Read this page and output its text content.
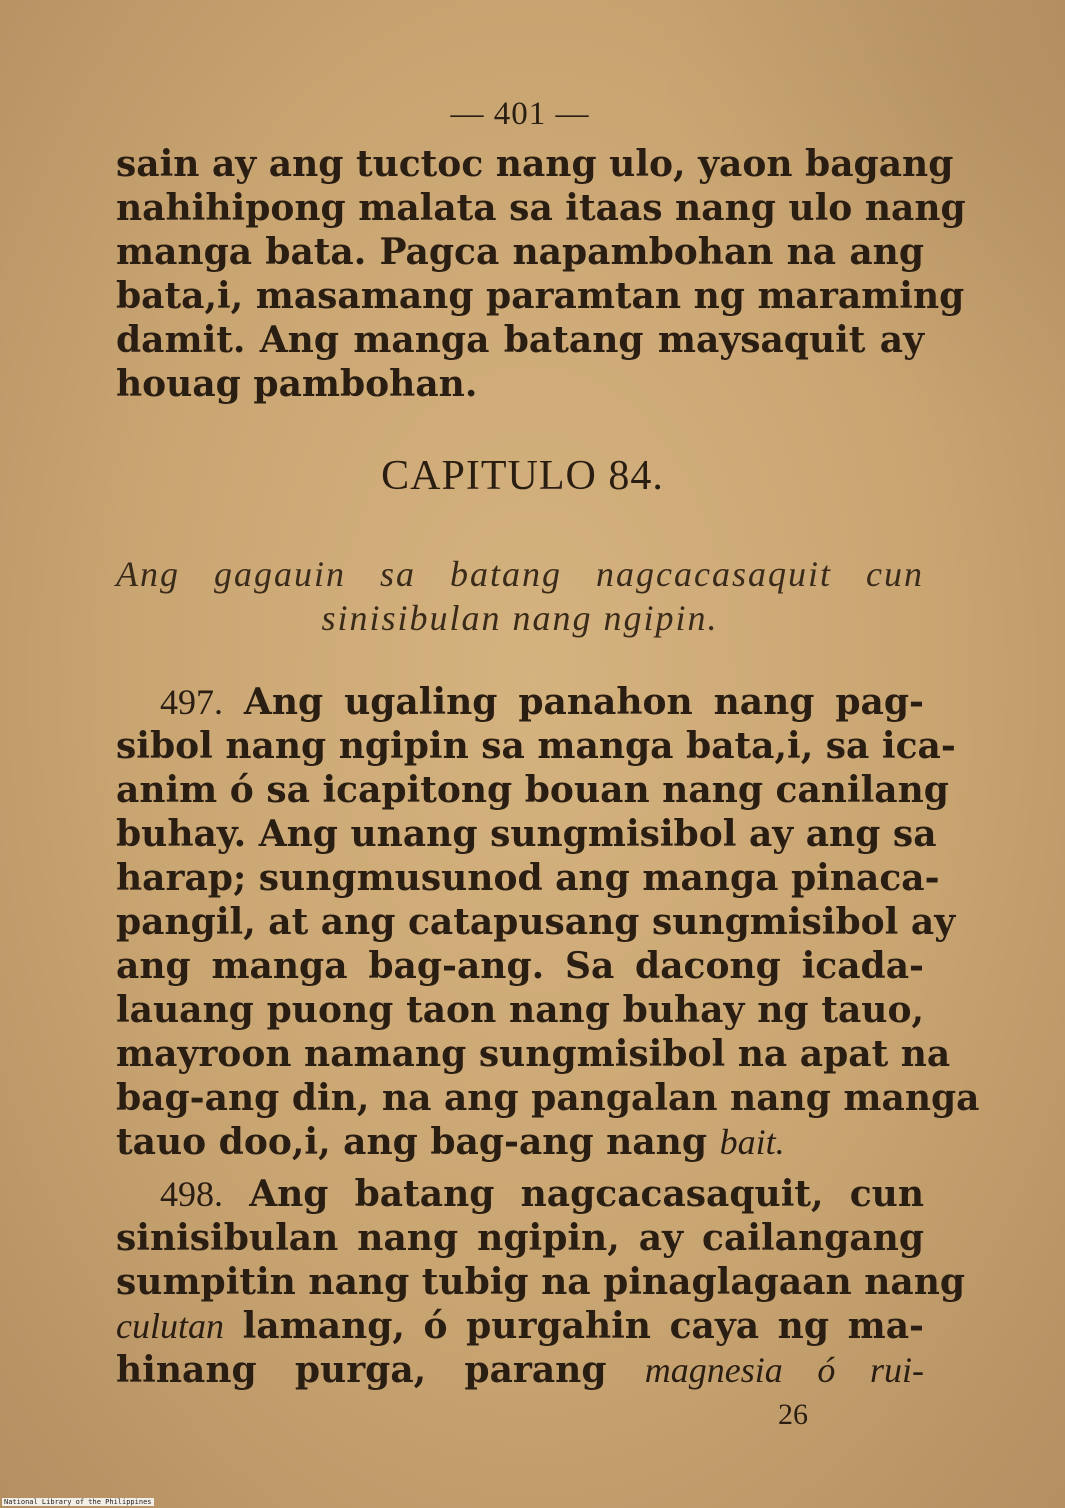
— 401 —

sain ay ang tuctoc nang ulo, yaon bagang
nahihipong malata sa itaas nang ulo nang
manga bata. Pagca napambohan na ang
bata,i, masamang paramtan ng maraming
damit. Ang manga batang maysaquit ay
houag pambohan.

CAPITULO 84.
Ang gagauin sa batang nagcacasaquit cun
sinisibulan nang ngipin.

497. Ang ugaling panahon nang pag-
sibol nang ngipin sa manga bata,i, sa ica-
anim ó sa icapitong bouan nang canilang
buhay. Ang unang sungmisibol ay ang sa
harap; sungmusunod ang manga pinaca-
pangil, at ang catapusang sungmisibol ay
ang manga bag-ang. Sa dacong icada-
lauang puong taon nang buhay ng tauo,
mayroon namang sungmisibol na apat na
bag-ang din, na ang pangalan nang manga
tauo doo,i, ang bag-ang nang bait.

498. Ang batang nagcacasaquit, cun
sinisibulan nang ngipin, ay cailangang
sumpitin nang tubig na pinaglagaan nang
culutan lamang, ó purgahin caya ng ma-
hinang purga, parang magnesia ó rui-

26
National Library of the Philippines
